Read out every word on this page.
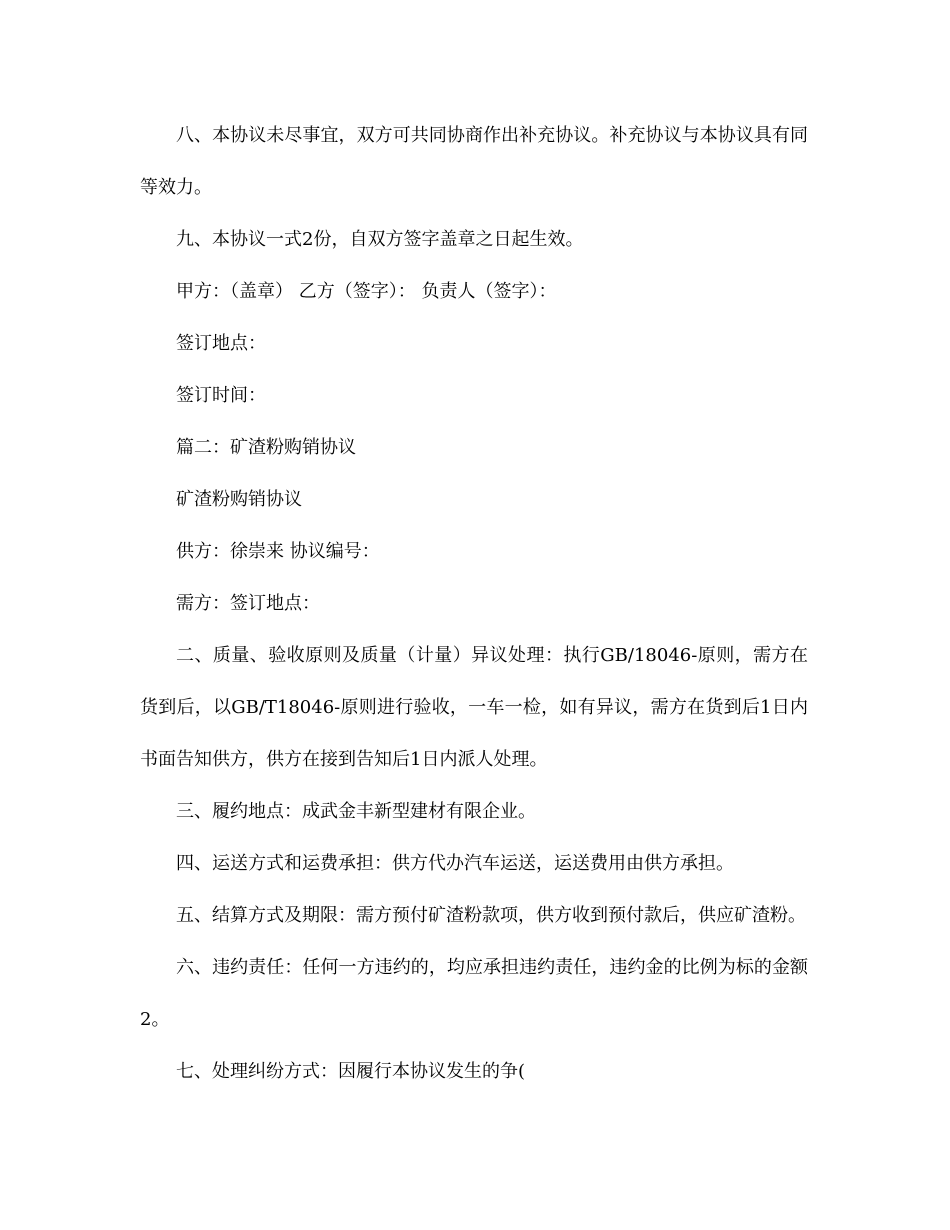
八、本协议未尽事宜，双方可共同协商作出补充协议。补充协议与本协议具有同等效力。

九、本协议一式2份，自双方签字盖章之日起生效。

甲方：（盖章） 乙方（签字）： 负责人（签字）：

签订地点：

签订时间：

篇二：矿渣粉购销协议

矿渣粉购销协议

供方：徐崇来 协议编号：

需方：签订地点：

二、质量、验收原则及质量（计量）异议处理：执行GB/18046-原则，需方在货到后，以GB/T18046-原则进行验收，一车一检，如有异议，需方在货到后1日内书面告知供方，供方在接到告知后1日内派人处理。

三、履约地点：成武金丰新型建材有限企业。

四、运送方式和运费承担：供方代办汽车运送，运送费用由供方承担。

五、结算方式及期限：需方预付矿渣粉款项，供方收到预付款后，供应矿渣粉。

六、违约责任：任何一方违约的，均应承担违约责任，违约金的比例为标的金额2。

七、处理纠纷方式：因履行本协议发生的争(
